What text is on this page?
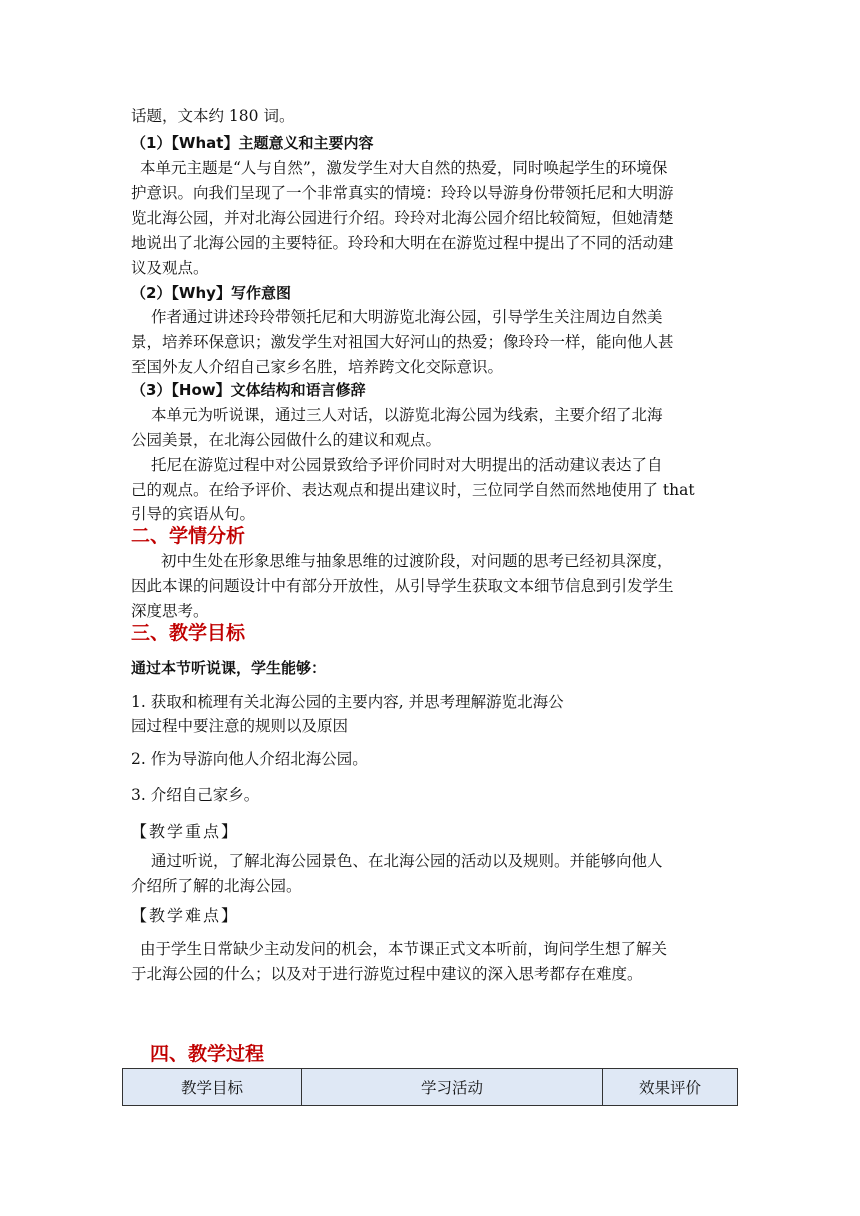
话题，文本约 180 词。
（1）【What】主题意义和主要内容
本单元主题是“人与自然”，激发学生对大自然的热爱，同时唤起学生的环境保
护意识。向我们呈现了一个非常真实的情境：玲玲以导游身份带领托尼和大明游
览北海公园，并对北海公园进行介绍。玲玲对北海公园介绍比较简短，但她清楚
地说出了北海公园的主要特征。玲玲和大明在在游览过程中提出了不同的活动建
议及观点。
（2）【Why】写作意图
作者通过讲述玲玲带领托尼和大明游览北海公园，引导学生关注周边自然美
景，培养环保意识；激发学生对祖国大好河山的热爱；像玲玲一样，能向他人甚
至国外友人介绍自己家乡名胜，培养跨文化交际意识。
（3）【How】文体结构和语言修辞
本单元为听说课，通过三人对话，以游览北海公园为线索，主要介绍了北海
公园美景，在北海公园做什么的建议和观点。
托尼在游览过程中对公园景致给予评价同时对大明提出的活动建议表达了自
己的观点。在给予评价、表达观点和提出建议时，三位同学自然而然地使用了 that
引导的宾语从句。
二、学情分析
初中生处在形象思维与抽象思维的过渡阶段，对问题的思考已经初具深度，
因此本课的问题设计中有部分开放性，从引导学生获取文本细节信息到引发学生
深度思考。
三、教学目标
通过本节听说课，学生能够：
1. 获取和梳理有关北海公园的主要内容, 并思考理解游览北海公
园过程中要注意的规则以及原因
2. 作为导游向他人介绍北海公园。
3. 介绍自己家乡。
【教学重点】
通过听说，了解北海公园景色、在北海公园的活动以及规则。并能够向他人
介绍所了解的北海公园。
【教学难点】
由于学生日常缺少主动发问的机会，本节课正式文本听前，询问学生想了解关
于北海公园的什么；以及对于进行游览过程中建议的深入思考都存在难度。
四、教学过程
教学目标	学习活动	效果评价
